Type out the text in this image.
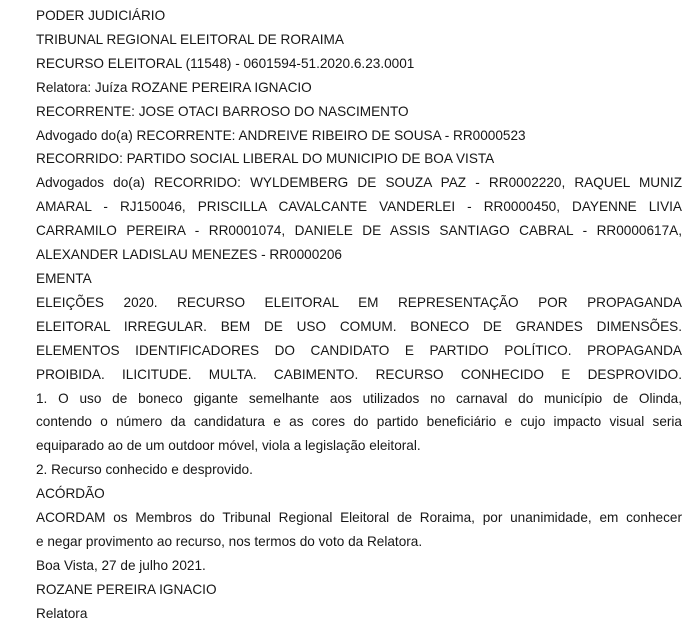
PODER JUDICIÁRIO
TRIBUNAL REGIONAL ELEITORAL DE RORAIMA
RECURSO ELEITORAL (11548) - 0601594-51.2020.6.23.0001
Relatora: Juíza ROZANE PEREIRA IGNACIO
RECORRENTE: JOSE OTACI BARROSO DO NASCIMENTO
Advogado do(a) RECORRENTE: ANDREIVE RIBEIRO DE SOUSA - RR0000523
RECORRIDO: PARTIDO SOCIAL LIBERAL DO MUNICIPIO DE BOA VISTA
Advogados do(a) RECORRIDO: WYLDEMBERG DE SOUZA PAZ - RR0002220, RAQUEL MUNIZ
AMARAL - RJ150046, PRISCILLA CAVALCANTE VANDERLEI - RR0000450, DAYENNE LIVIA
CARRAMILO PEREIRA - RR0001074, DANIELE DE ASSIS SANTIAGO CABRAL - RR0000617A,
ALEXANDER LADISLAU MENEZES - RR0000206
EMENTA
ELEIÇÕES 2020. RECURSO ELEITORAL EM REPRESENTAÇÃO POR PROPAGANDA
ELEITORAL IRREGULAR. BEM DE USO COMUM. BONECO DE GRANDES DIMENSÕES.
ELEMENTOS IDENTIFICADORES DO CANDIDATO E PARTIDO POLÍTICO. PROPAGANDA
PROIBIDA. ILICITUDE. MULTA. CABIMENTO. RECURSO CONHECIDO E DESPROVIDO.
1. O uso de boneco gigante semelhante aos utilizados no carnaval do município de Olinda,
contendo o número da candidatura e as cores do partido beneficiário e cujo impacto visual seria
equiparado ao de um outdoor móvel, viola a legislação eleitoral.
2. Recurso conhecido e desprovido.
ACÓRDÃO
ACORDAM os Membros do Tribunal Regional Eleitoral de Roraima, por unanimidade, em conhecer
e negar provimento ao recurso, nos termos do voto da Relatora.
Boa Vista, 27 de julho 2021.
ROZANE PEREIRA IGNACIO
Relatora
